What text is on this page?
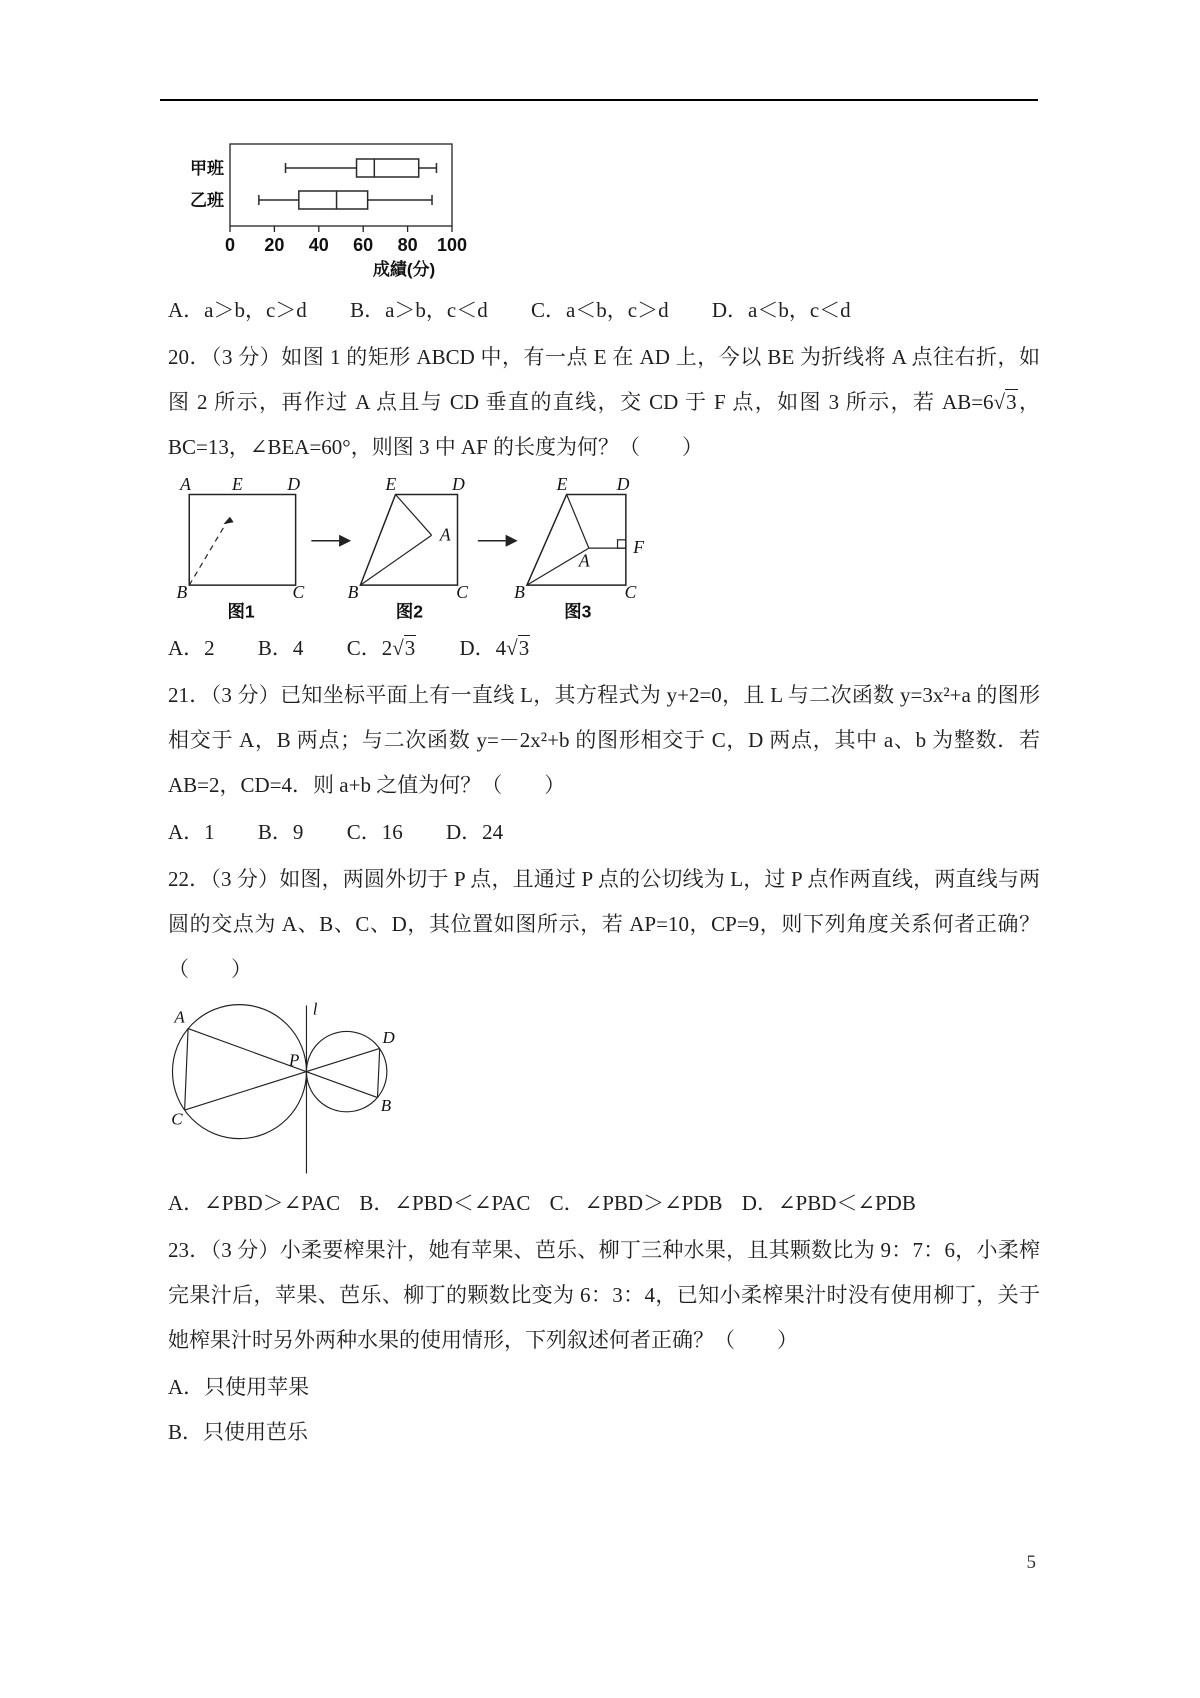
甲班
乙班
0 20 40 60 80 100
成績(分)

A．a＞b，c＞d B．a＞b，c＜d C．a＜b，c＞d D．a＜b，c＜d

20．（3 分）如图 1 的矩形 ABCD 中，有一点 E 在 AD 上，今以 BE 为折线将 A 点往右折，如图 2 所示，再作过 A 点且与 CD 垂直的直线，交 CD 于 F 点，如图 3 所示，若 AB=6√3，BC=13，∠BEA=60°，则图 3 中 AF 的长度为何？（　　）

A E D
B	C
图1
E	D
A
B	C
图2
E	D
A
F
B	C
图3

A．2 B．4 C．2√3 D．4√3

21．（3 分）已知坐标平面上有一直线 L，其方程式为 y+2=0，且 L 与二次函数 y=3x²+a 的图形相交于 A，B 两点；与二次函数 y=－2x²+b 的图形相交于 C，D 两点，其中 a、b 为整数．若 AB=2，CD=4．则 a+b 之值为何？（　　）

A．1 B．9 C．16 D．24

22．（3 分）如图，两圆外切于 P 点，且通过 P 点的公切线为 L，过 P 点作两直线，两直线与两圆的交点为 A、B、C、D，其位置如图所示，若 AP=10，CP=9，则下列角度关系何者正确？（　　）

l
A
D
P
C
B

A．∠PBD＞∠PAC B．∠PBD＜∠PAC C．∠PBD＞∠PDB D．∠PBD＜∠PDB

23．（3 分）小柔要榨果汁，她有苹果、芭乐、柳丁三种水果，且其颗数比为 9：7：6，小柔榨完果汁后，苹果、芭乐、柳丁的颗数比变为 6：3：4，已知小柔榨果汁时没有使用柳丁，关于她榨果汁时另外两种水果的使用情形，下列叙述何者正确？（　　）

A．只使用苹果

B．只使用芭乐

5
